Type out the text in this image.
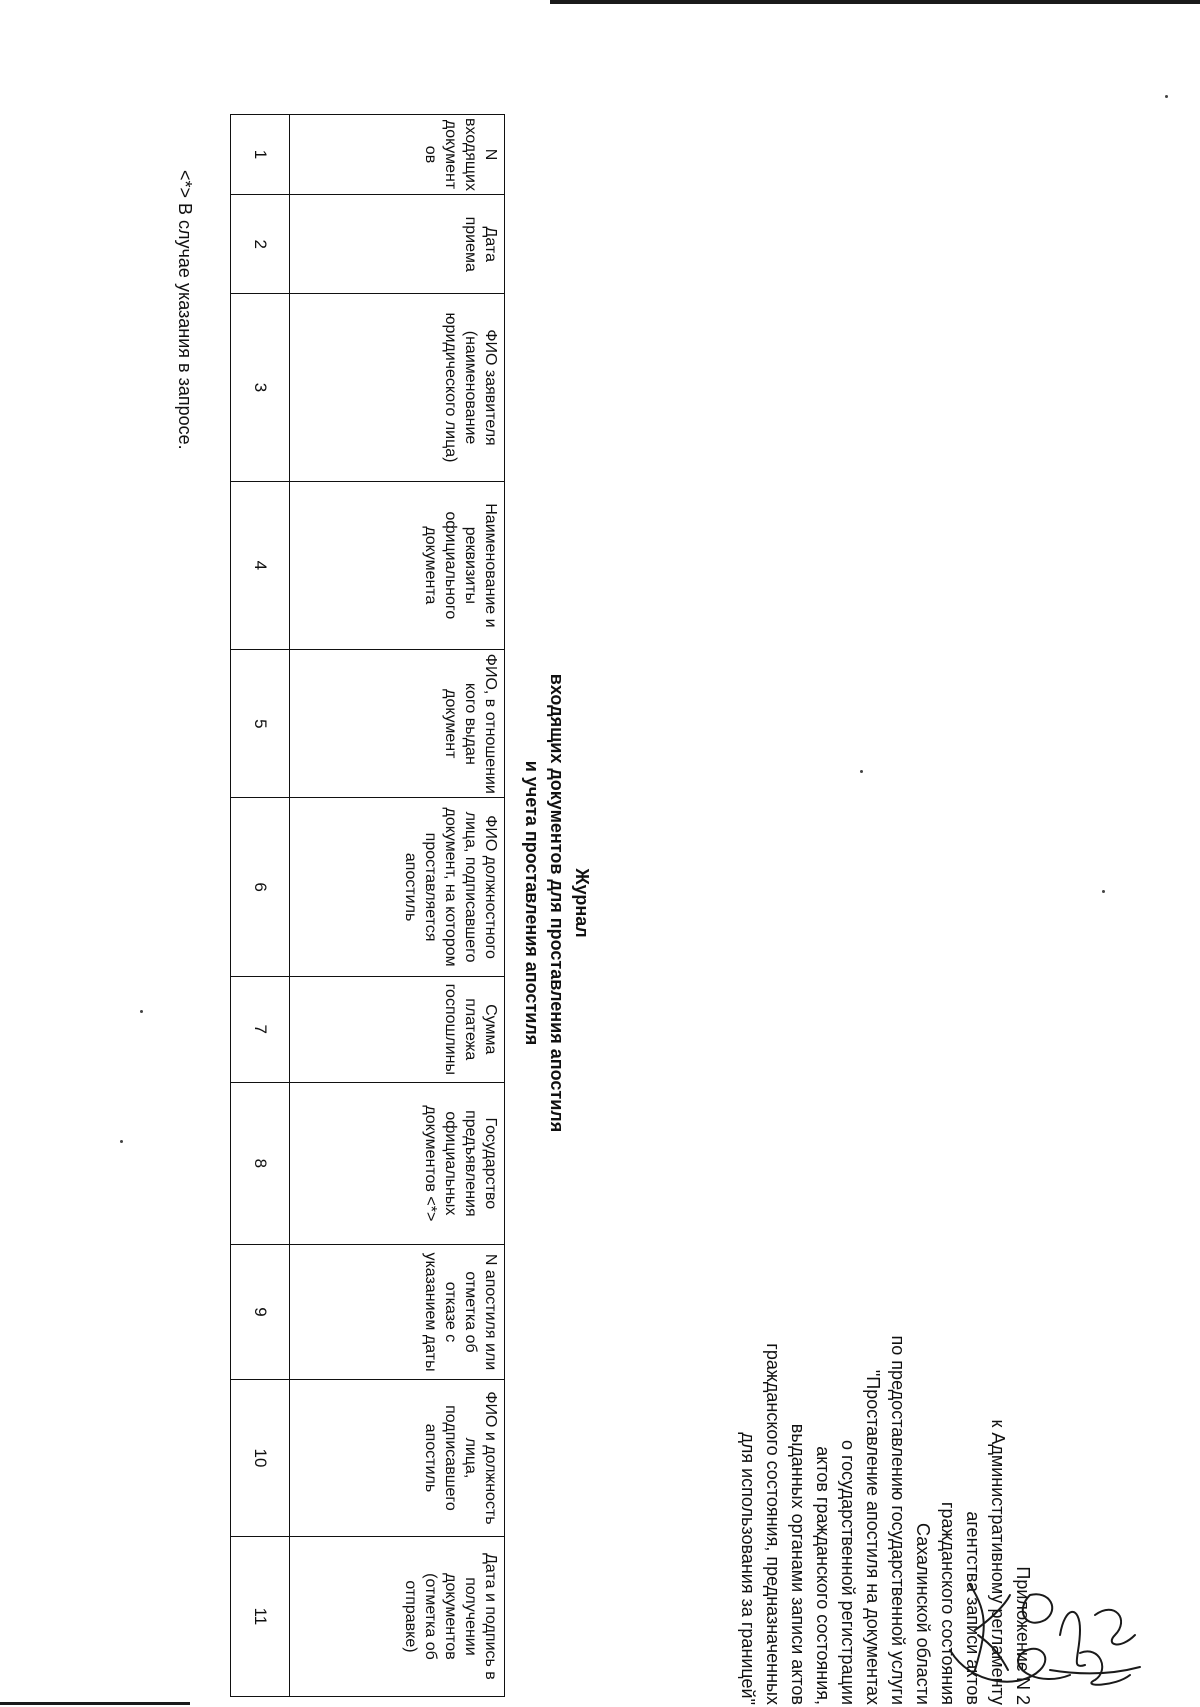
Приложение N 2
к Административному регламенту
агентства записи актов
гражданского состояния
Сахалинской области
по предоставлению государственной услуги
"Проставление апостиля на документах
о государственной регистрации
актов гражданского состояния,
выданных органами записи актов
гражданского состояния, предназначенных
для использования за границей"
Журнал
входящих документов для проставления апостиля
и учета проставления апостиля
N входящих документов	Дата приема	ФИО заявителя (наименование юридического лица)	Наименование и реквизиты официального документа	ФИО, в отношении кого выдан документ	ФИО должностного лица, подписавшего документ, на котором проставляется апостиль	Сумма платежа госпошлины	Государство предъявления официальных документов <*>	N апостиля или отметка об отказе с указанием даты	ФИО и должность лица, подписавшего апостиль	Дата и подпись в получении документов (отметка об отправке)
1	2	3	4	5	6	7	8	9	10	11
<*> В случае указания в запросе.
